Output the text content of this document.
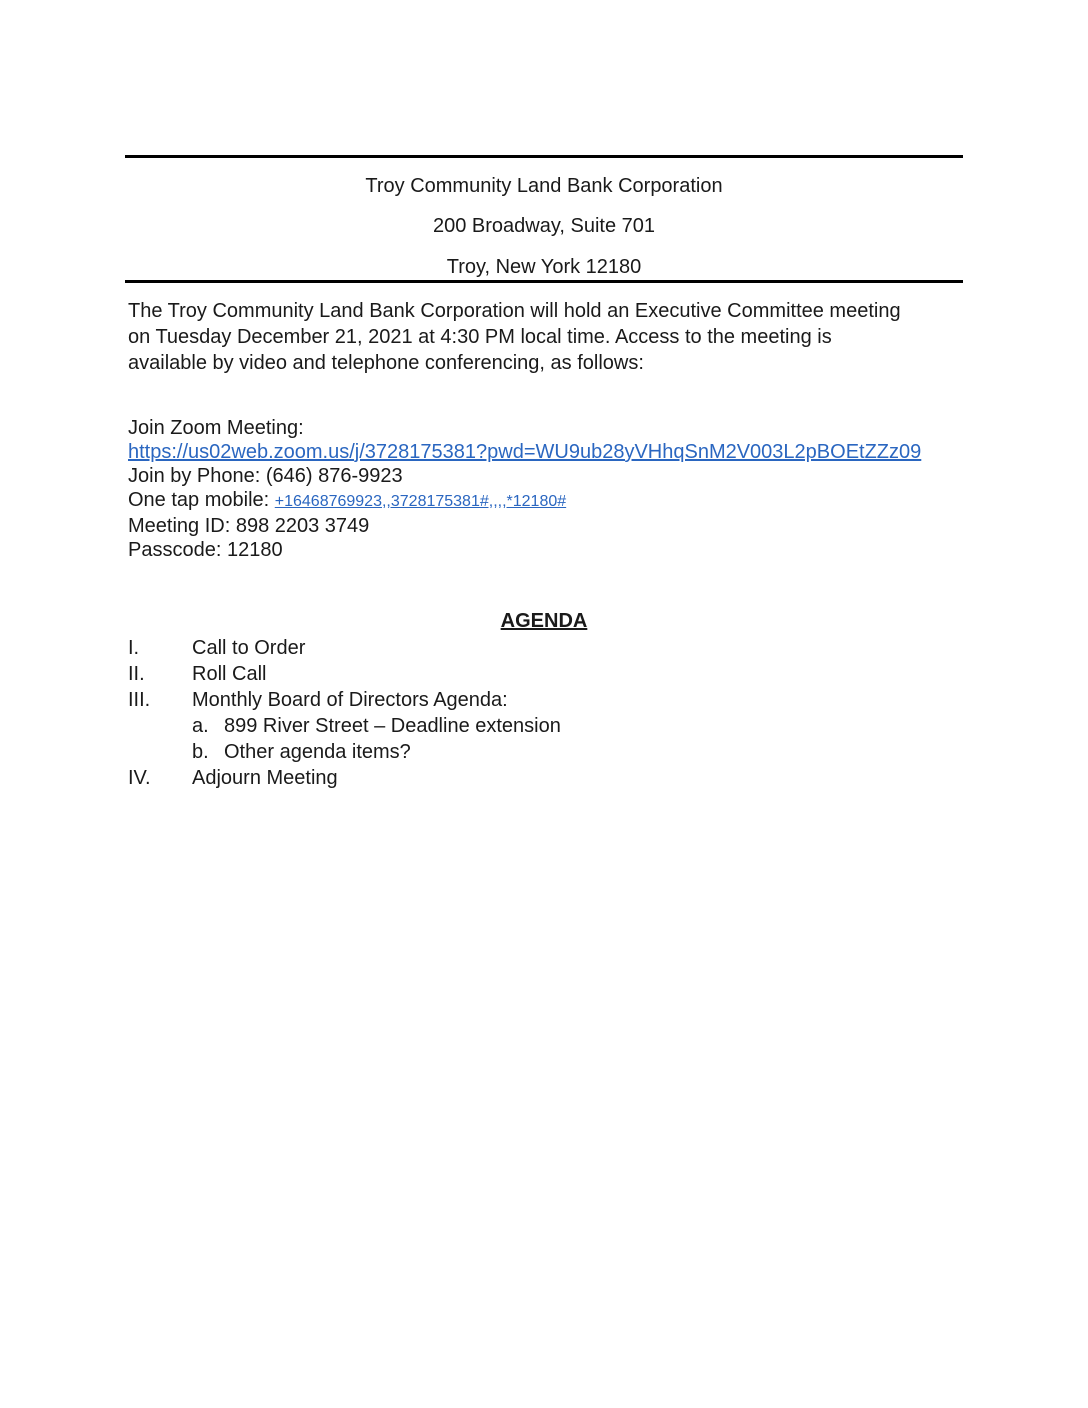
Troy Community Land Bank Corporation
200 Broadway, Suite 701
Troy, New York 12180
The Troy Community Land Bank Corporation will hold an Executive Committee meeting
on Tuesday December 21, 2021 at 4:30 PM local time. Access to the meeting is
available by video and telephone conferencing, as follows:
Join Zoom Meeting:
https://us02web.zoom.us/j/3728175381?pwd=WU9ub28yVHhqSnM2V003L2pBOEtZZz09
Join by Phone: (646) 876-9923
One tap mobile: +16468769923,,3728175381#,,,,*12180#
Meeting ID: 898 2203 3749
Passcode: 12180
AGENDA
I.	Call to Order
II. Roll Call
III. Monthly Board of Directors Agenda:
a. 899 River Street – Deadline extension
b. Other agenda items?
IV. Adjourn Meeting
